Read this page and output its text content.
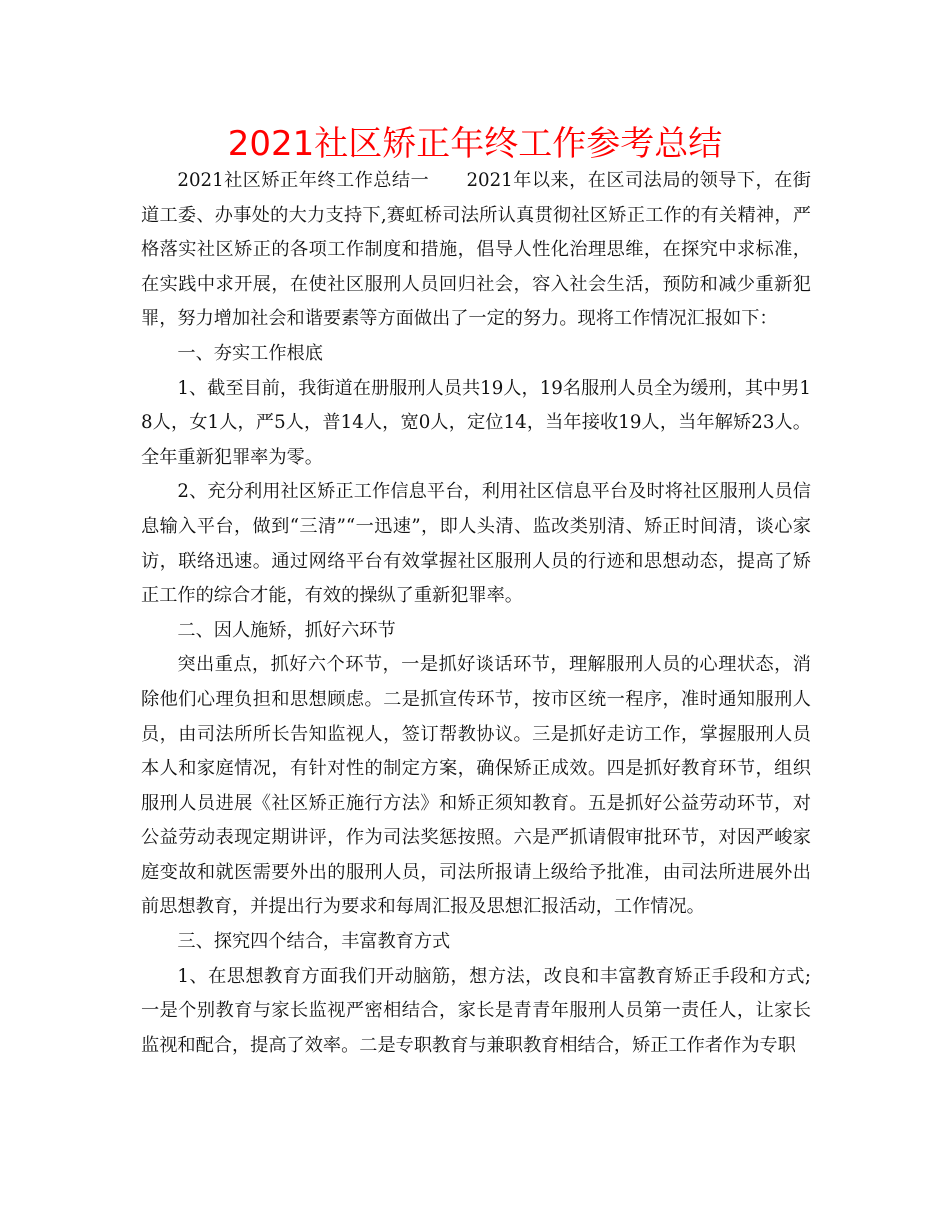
2021社区矫正年终工作参考总结

2021社区矫正年终工作总结一　　2021年以来，在区司法局的领导下，在街道工委、办事处的大力支持下,赛虹桥司法所认真贯彻社区矫正工作的有关精神，严格落实社区矫正的各项工作制度和措施，倡导人性化治理思维，在探究中求标准，在实践中求开展，在使社区服刑人员回归社会，容入社会生活，预防和减少重新犯罪，努力增加社会和谐要素等方面做出了一定的努力。现将工作情况汇报如下：

一、夯实工作根底

1、截至目前，我街道在册服刑人员共19人，19名服刑人员全为缓刑，其中男18人，女1人，严5人，普14人，宽0人，定位14，当年接收19人，当年解矫23人。全年重新犯罪率为零。

2、充分利用社区矫正工作信息平台，利用社区信息平台及时将社区服刑人员信息输入平台，做到“三清”“一迅速”，即人头清、监改类别清、矫正时间清，谈心家访，联络迅速。通过网络平台有效掌握社区服刑人员的行迹和思想动态，提高了矫正工作的综合才能，有效的操纵了重新犯罪率。

二、因人施矫，抓好六环节

突出重点，抓好六个环节，一是抓好谈话环节，理解服刑人员的心理状态，消除他们心理负担和思想顾虑。二是抓宣传环节，按市区统一程序，准时通知服刑人员，由司法所所长告知监视人，签订帮教协议。三是抓好走访工作，掌握服刑人员本人和家庭情况，有针对性的制定方案，确保矫正成效。四是抓好教育环节，组织服刑人员进展《社区矫正施行方法》和矫正须知教育。五是抓好公益劳动环节，对公益劳动表现定期讲评，作为司法奖惩按照。六是严抓请假审批环节，对因严峻家庭变故和就医需要外出的服刑人员，司法所报请上级给予批准，由司法所进展外出前思想教育，并提出行为要求和每周汇报及思想汇报活动，工作情况。

三、探究四个结合，丰富教育方式

1、在思想教育方面我们开动脑筋，想方法，改良和丰富教育矫正手段和方式;一是个别教育与家长监视严密相结合，家长是青青年服刑人员第一责任人，让家长监视和配合，提高了效率。二是专职教育与兼职教育相结合，矫正工作者作为专职
